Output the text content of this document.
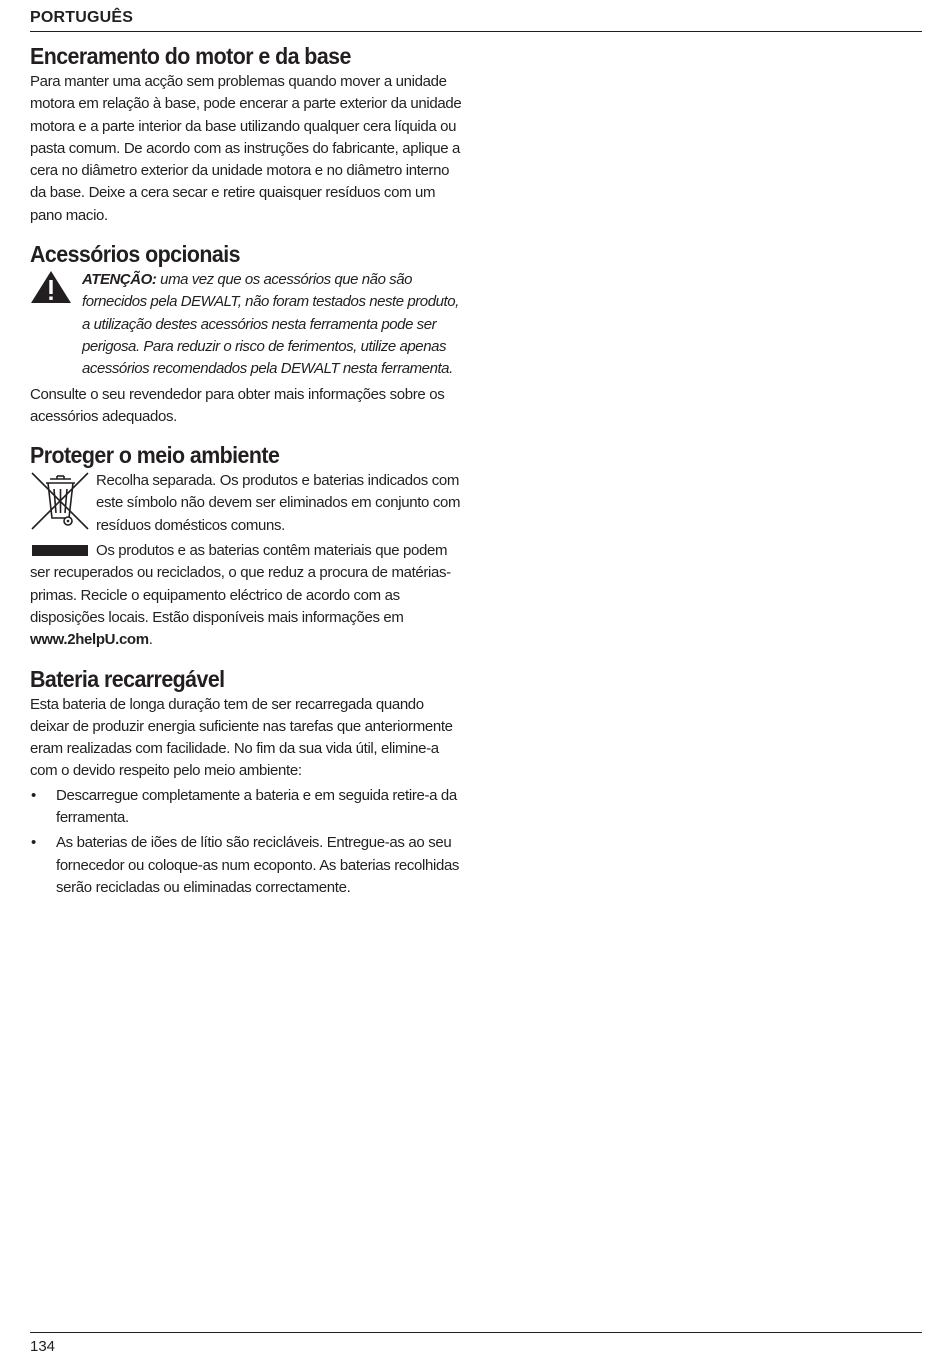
PORTUGUÊS
Enceramento do motor e da base

Para manter uma acção sem problemas quando mover a unidade motora em relação à base, pode encerar a parte exterior da unidade motora e a parte interior da base utilizando qualquer cera líquida ou pasta comum. De acordo com as instruções do fabricante, aplique a cera no diâmetro exterior da unidade motora e no diâmetro interno da base. Deixe a cera secar e retire quaisquer resíduos com um pano macio.

Acessórios opcionais
ATENÇÃO: uma vez que os acessórios que não são fornecidos pela DEWALT, não foram testados neste produto, a utilização destes acessórios nesta ferramenta pode ser perigosa. Para reduzir o risco de ferimentos, utilize apenas acessórios recomendados pela DEWALT nesta ferramenta.

Consulte o seu revendedor para obter mais informações sobre os acessórios adequados.

Proteger o meio ambiente

Recolha separada. Os produtos e baterias indicados com este símbolo não devem ser eliminados em conjunto com resíduos domésticos comuns.

Os produtos e as baterias contêm materiais que podem ser recuperados ou reciclados, o que reduz a procura de matérias-primas. Recicle o equipamento eléctrico de acordo com as disposições locais. Estão disponíveis mais informações em www.2helpU.com.

Bateria recarregável

Esta bateria de longa duração tem de ser recarregada quando deixar de produzir energia suficiente nas tarefas que anteriormente eram realizadas com facilidade. No fim da sua vida útil, elimine-a com o devido respeito pelo meio ambiente:

• Descarregue completamente a bateria e em seguida retire-a da ferramenta.
• As baterias de iões de lítio são recicláveis. Entregue-as ao seu fornecedor ou coloque-as num ecoponto. As baterias recolhidas serão recicladas ou eliminadas correctamente.
134
